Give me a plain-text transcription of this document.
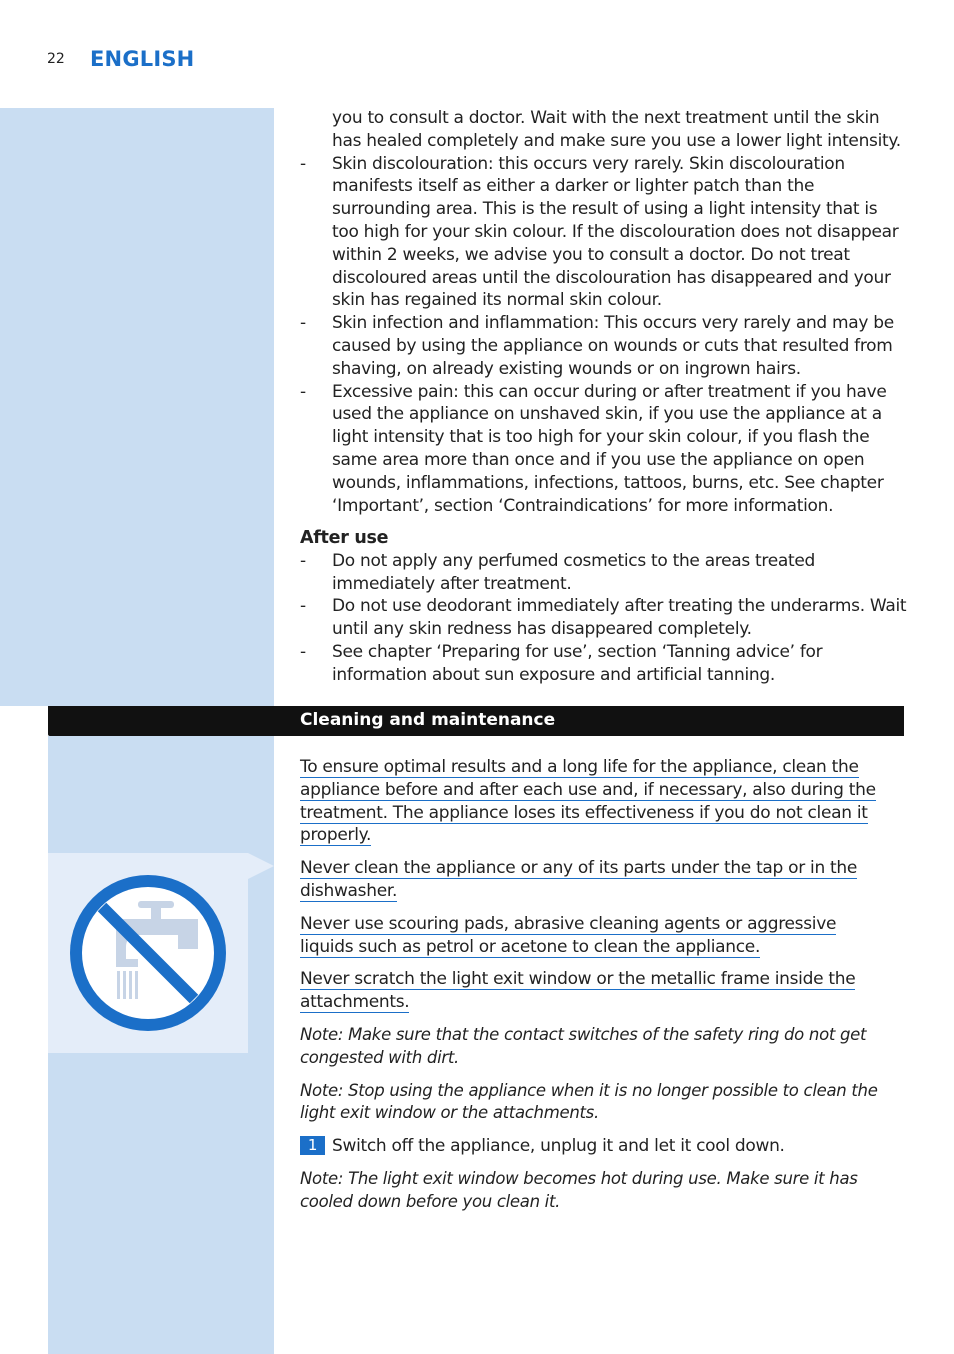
22 ENGLISH
you to consult a doctor. Wait with the next treatment until the skin has healed completely and make sure you use a lower light intensity.
- Skin discolouration: this occurs very rarely. Skin discolouration manifests itself as either a darker or lighter patch than the surrounding area. This is the result of using a light intensity that is too high for your skin colour. If the discolouration does not disappear within 2 weeks, we advise you to consult a doctor. Do not treat discoloured areas until the discolouration has disappeared and your skin has regained its normal skin colour.
- Skin infection and inflammation: This occurs very rarely and may be caused by using the appliance on wounds or cuts that resulted from shaving, on already existing wounds or on ingrown hairs.
- Excessive pain: this can occur during or after treatment if you have used the appliance on unshaved skin, if you use the appliance at a light intensity that is too high for your skin colour, if you flash the same area more than once and if you use the appliance on open wounds, inflammations, infections, tattoos, burns, etc. See chapter ‘Important’, section ‘Contraindications’ for more information.
After use
- Do not apply any perfumed cosmetics to the areas treated immediately after treatment.
- Do not use deodorant immediately after treating the underarms. Wait until any skin redness has disappeared completely.
- See chapter ‘Preparing for use’, section ‘Tanning advice’ for information about sun exposure and artificial tanning.
Cleaning and maintenance

To ensure optimal results and a long life for the appliance, clean the appliance before and after each use and, if necessary, also during the treatment. The appliance loses its effectiveness if you do not clean it properly.

Never clean the appliance or any of its parts under the tap or in the dishwasher.

Never use scouring pads, abrasive cleaning agents or aggressive liquids such as petrol or acetone to clean the appliance.

Never scratch the light exit window or the metallic frame inside the attachments.

Note: Make sure that the contact switches of the safety ring do not get congested with dirt.

Note: Stop using the appliance when it is no longer possible to clean the light exit window or the attachments.

1 Switch off the appliance, unplug it and let it cool down.

Note: The light exit window becomes hot during use. Make sure it has cooled down before you clean it.
